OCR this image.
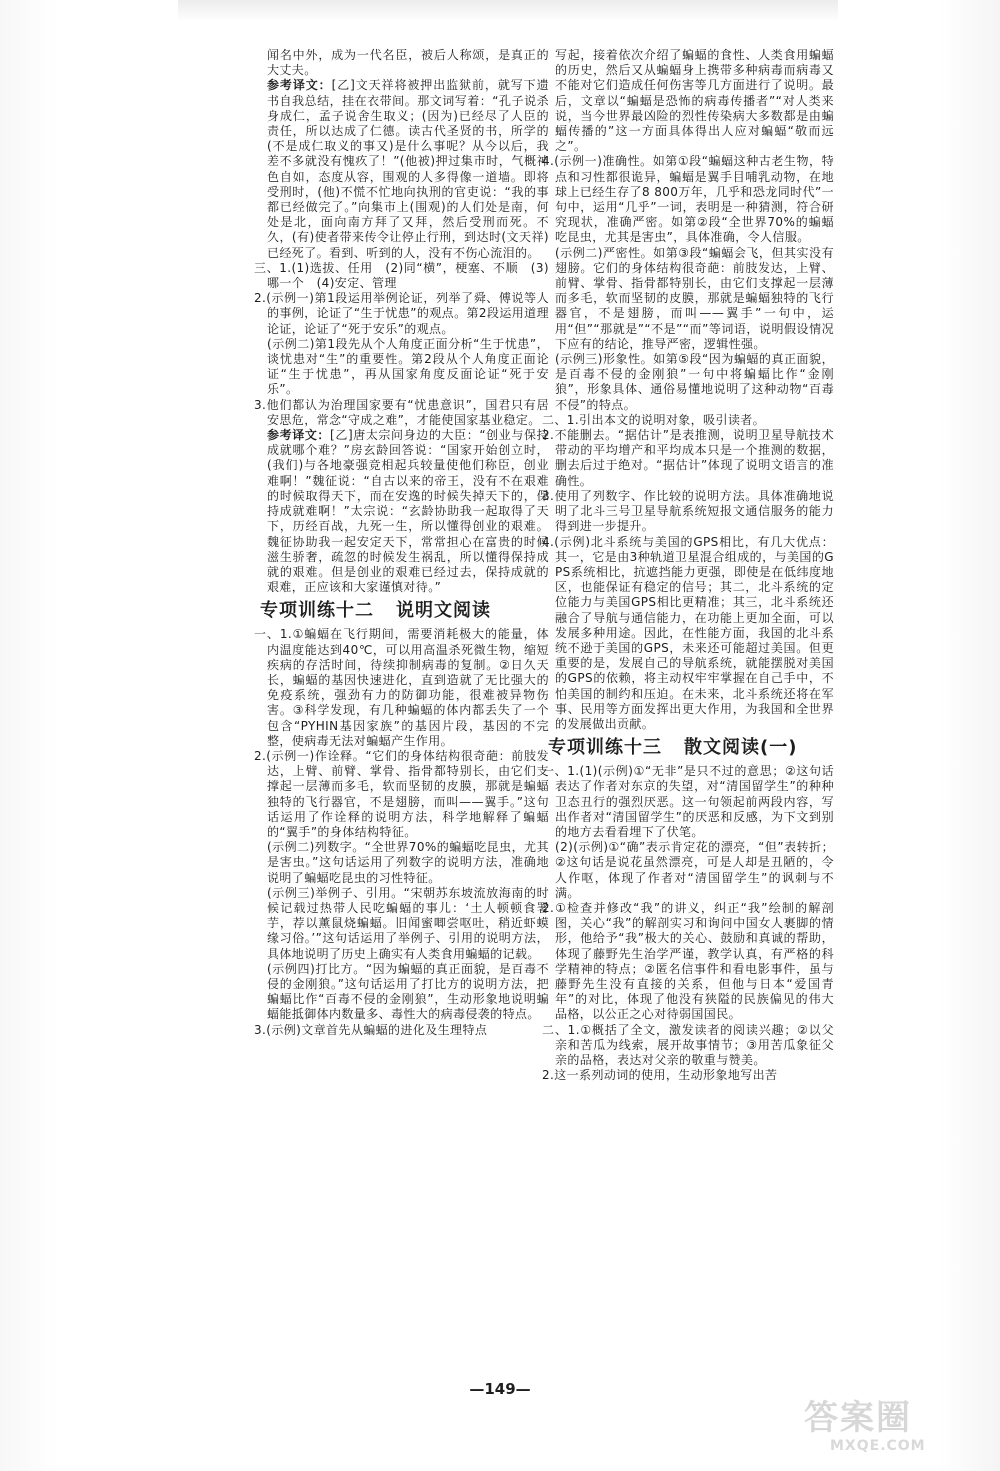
闻名中外，成为一代名臣，被后人称颂，是真正的大丈夫。

参考译文：[乙]文天祥将被押出监狱前，就写下遗书自我总结，挂在衣带间。那文词写着：“孔子说杀身成仁，孟子说舍生取义；(因为)已经尽了人臣的责任，所以达成了仁德。读古代圣贤的书，所学的(不是成仁取义的事又)是什么事呢？从今以后，我差不多就没有愧疚了！”(他被)押过集市时，气概神色自如，态度从容，围观的人多得像一道墙。即将受刑时，(他)不慌不忙地向执刑的官吏说：“我的事都已经做完了。”向集市上(围观)的人们处是南，何处是北，面向南方拜了又拜，然后受刑而死。不久，(有)使者带来传令让停止行刑，到达时(文天祥)已经死了。看到、听到的人，没有不伤心流泪的。

三、1.(1)选拔、任用　(2)同“横”，梗塞、不顺　(3)哪一个　(4)安定、管理

2.(示例一)第1段运用举例论证，列举了舜、傅说等人的事例，论证了“生于忧患”的观点。第2段运用道理论证，论证了“死于安乐”的观点。

(示例二)第1段先从个人角度正面分析“生于忧患”，谈忧患对“生”的重要性。第2段从个人角度正面论证“生于忧患”，再从国家角度反面论证“死于安乐”。

3.他们都认为治理国家要有“忧患意识”，国君只有居安思危，常念“守成之难”，才能使国家基业稳定。

参考译文：[乙]唐太宗问身边的大臣：“创业与保持成就哪个难？”房玄龄回答说：“国家开始创立时，(我们)与各地豪强竞相起兵较量使他们称臣，创业难啊！”魏征说：“自古以来的帝王，没有不在艰难的时候取得天下，而在安逸的时候失掉天下的，保持成就难啊！”太宗说：“玄龄协助我一起取得了天下，历经百战，九死一生，所以懂得创业的艰难。魏征协助我一起安定天下，常常担心在富贵的时候滋生骄奢，疏忽的时候发生祸乱，所以懂得保持成就的艰难。但是创业的艰难已经过去，保持成就的艰难，正应该和大家谨慎对待。”

专项训练十二 说明文阅读

一、1.①蝙蝠在飞行期间，需要消耗极大的能量，体内温度能达到40℃，可以用高温杀死微生物，缩短疾病的存活时间，待续抑制病毒的复制。②日久天长，蝙蝠的基因快速进化，直到造就了无比强大的免疫系统，强劲有力的防御功能，很难被异物伤害。③科学发现，有几种蝙蝠的体内都丢失了一个包含“PYHIN基因家族”的基因片段，基因的不完整，使病毒无法对蝙蝠产生作用。

2.(示例一)作诠释。“它们的身体结构很奇葩：前肢发达，上臂、前臂、掌骨、指骨都特别长，由它们支撑起一层薄而多毛，软而坚韧的皮膜，那就是蝙蝠独特的飞行器官，不是翅膀，而叫——翼手。”这句话运用了作诠释的说明方法，科学地解释了蝙蝠的“翼手”的身体结构特征。

(示例二)列数字。“全世界70%的蝙蝠吃昆虫，尤其是害虫。”这句话运用了列数字的说明方法，准确地说明了蝙蝠吃昆虫的习性特征。

(示例三)举例子、引用。“宋朝苏东坡流放海南的时候记载过热带人民吃蝙蝠的事儿：‘土人顿顿食署芋，荐以薰鼠烧蝙蝠。旧闻蜜唧尝呕吐，稍近虾蟆缘习俗。’”这句话运用了举例子、引用的说明方法，具体地说明了历史上确实有人类食用蝙蝠的记载。

(示例四)打比方。“因为蝙蝠的真正面貌，是百毒不侵的金刚狼。”这句话运用了打比方的说明方法，把蝙蝠比作“百毒不侵的金刚狼”，生动形象地说明蝙蝠能抵御体内数量多、毒性大的病毒侵袭的特点。

3.(示例)文章首先从蝙蝠的进化及生理特点

写起，接着依次介绍了蝙蝠的食性、人类食用蝙蝠的历史，然后又从蝙蝠身上携带多种病毒而病毒又不能对它们造成任何伤害等几方面进行了说明。最后，文章以“蝙蝠是恐怖的病毒传播者”“对人类来说，当今世界最凶险的烈性传染病大多数都是由蝙蝠传播的”这一方面具体得出人应对蝙蝠“敬而远之”。

4.(示例一)准确性。如第①段“蝙蝠这种古老生物，特点和习性都很诡异，蝙蝠是翼手目哺乳动物，在地球上已经生存了8 800万年，几乎和恐龙同时代”一句中，运用“几乎”一词，表明是一种猜测，符合研究现状，准确严密。如第②段“全世界70%的蝙蝠吃昆虫，尤其是害虫”，具体准确，令人信服。

(示例二)严密性。如第③段“蝙蝠会飞，但其实没有翅膀。它们的身体结构很奇葩：前肢发达，上臂、前臂、掌骨、指骨都特别长，由它们支撑起一层薄而多毛，软而坚韧的皮膜，那就是蝙蝠独特的飞行器官，不是翅膀，而叫——翼手”一句中，运用“但”“那就是”“不是”“而”等词语，说明假设情况下应有的结论，推导严密，逻辑性强。

(示例三)形象性。如第⑤段“因为蝙蝠的真正面貌，是百毒不侵的金刚狼”一句中将蝙蝠比作“金刚狼”，形象具体、通俗易懂地说明了这种动物“百毒不侵”的特点。

二、1.引出本文的说明对象，吸引读者。

2.不能删去。“据估计”是表推测，说明卫星导航技术带动的平均增产和平均成本只是一个推测的数据，删去后过于绝对。“据估计”体现了说明文语言的准确性。

3.使用了列数字、作比较的说明方法。具体准确地说明了北斗三号卫星导航系统短报文通信服务的能力得到进一步提升。

4.(示例)北斗系统与美国的GPS相比，有几大优点：其一，它是由3种轨道卫星混合组成的，与美国的GPS系统相比，抗遮挡能力更强，即使是在低纬度地区，也能保证有稳定的信号；其二，北斗系统的定位能力与美国GPS相比更精准；其三，北斗系统还融合了导航与通信能力，在功能上更加全面，可以发展多种用途。因此，在性能方面，我国的北斗系统不逊于美国的GPS，未来还可能超过美国。但更重要的是，发展自己的导航系统，就能摆脱对美国的GPS的依赖，将主动权牢牢掌握在自己手中，不怕美国的制约和压迫。在未来，北斗系统还将在军事、民用等方面发挥出更大作用，为我国和全世界的发展做出贡献。

专项训练十三 散文阅读(一)

一、1.(1)(示例)①“无非”是只不过的意思；②这句话表达了作者对东京的失望，对“清国留学生”的种种卫态丑行的强烈厌恶。这一句领起前两段内容，写出作者对“清国留学生”的厌恶和反感，为下文到别的地方去看看埋下了伏笔。

(2)(示例)①“确”表示肯定花的漂亮，“但”表转折；②这句话是说花虽然漂亮，可是人却是丑陋的，令人作呕，体现了作者对“清国留学生”的讽刺与不满。

2.①检查并修改“我”的讲义，纠正“我”绘制的解剖图，关心“我”的解剖实习和询问中国女人裹脚的情形，他给予“我”极大的关心、鼓励和真诚的帮助，体现了藤野先生治学严谨，教学认真，有严格的科学精神的特点；②匿名信事件和看电影事件，虽与藤野先生没有直接的关系，但他与日本“爱国青年”的对比，体现了他没有狭隘的民族偏见的伟大品格，以公正之心对待弱国国民。

二、1.①概括了全文，激发读者的阅读兴趣；②以父亲和苦瓜为线索，展开故事情节；③用苦瓜象征父亲的品格，表达对父亲的敬重与赞美。

2.这一系列动词的使用，生动形象地写出苦

—149—
答案圈
MXQE.COM
